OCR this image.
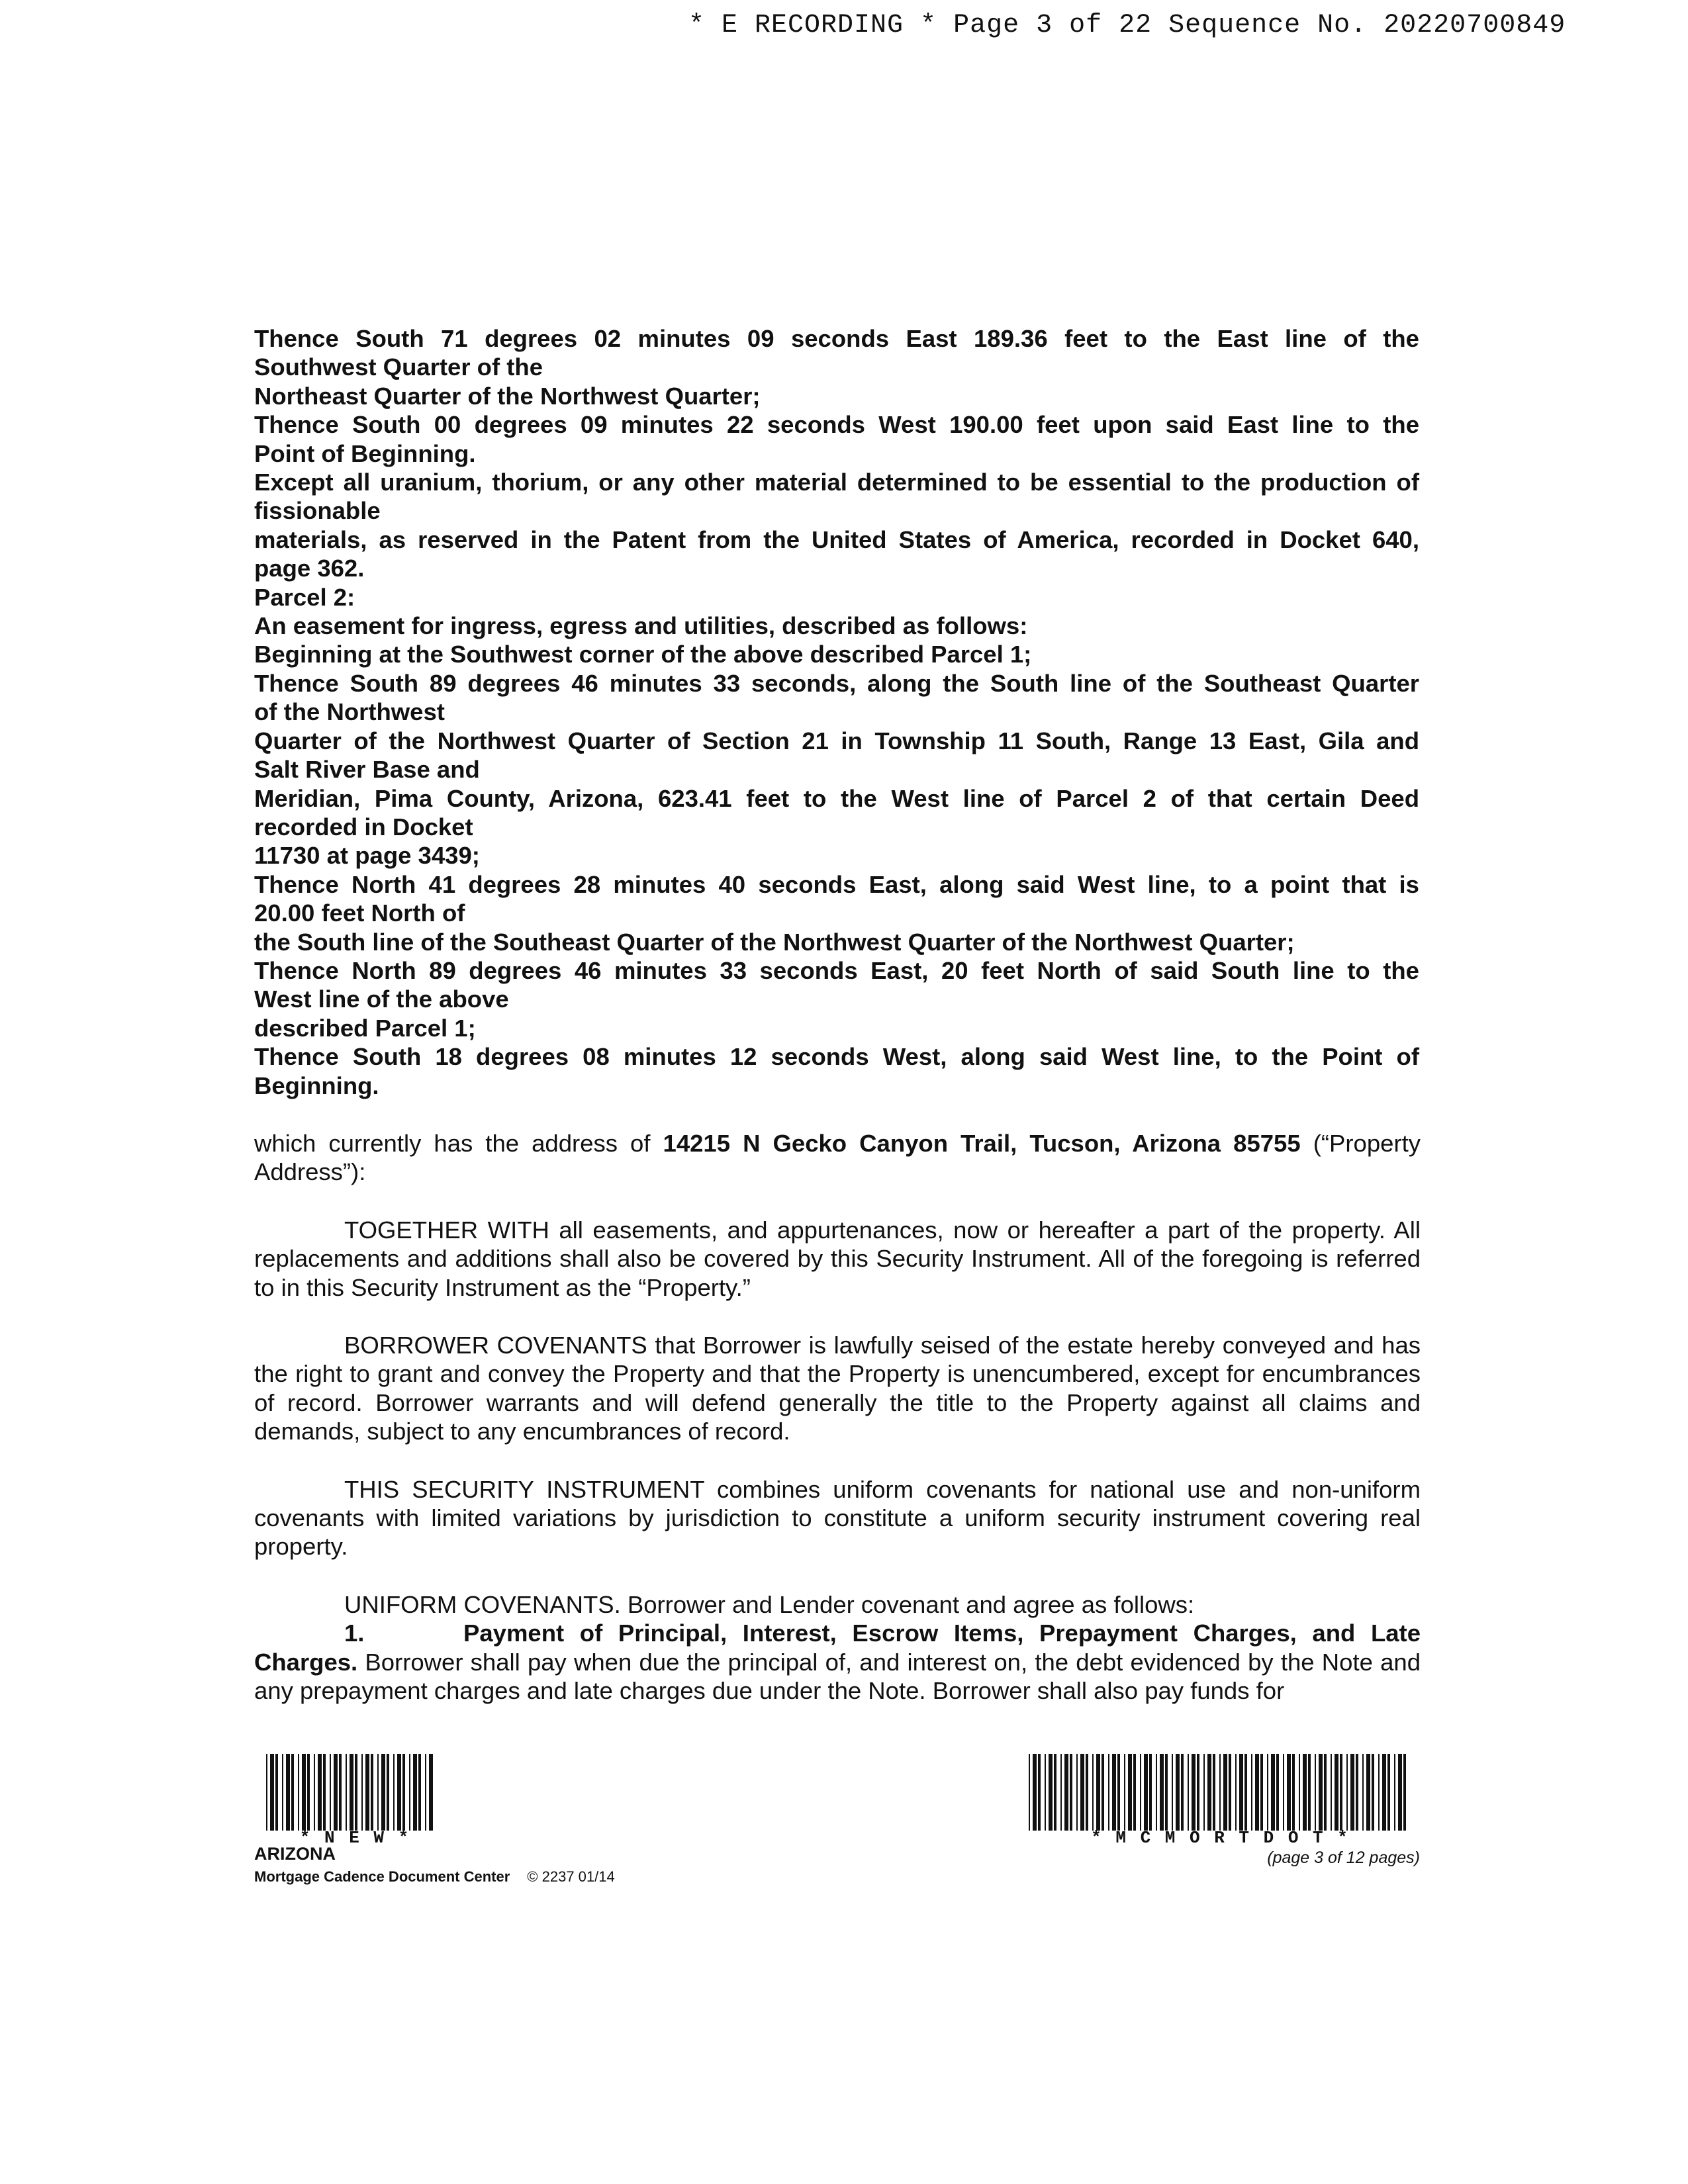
* E RECORDING * Page 3 of 22 Sequence No. 20220700849
Thence South 71 degrees 02 minutes 09 seconds East 189.36 feet to the East line of the
Southwest Quarter of the
Northeast Quarter of the Northwest Quarter;
Thence South 00 degrees 09 minutes 22 seconds West 190.00 feet upon said East line to the
Point of Beginning.
Except all uranium, thorium, or any other material determined to be essential to the production of
fissionable
materials, as reserved in the Patent from the United States of America, recorded in Docket 640,
page 362.
Parcel 2:
An easement for ingress, egress and utilities, described as follows:
Beginning at the Southwest corner of the above described Parcel 1;
Thence South 89 degrees 46 minutes 33 seconds, along the South line of the Southeast Quarter
of the Northwest
Quarter of the Northwest Quarter of Section 21 in Township 11 South, Range 13 East, Gila and
Salt River Base and
Meridian, Pima County, Arizona, 623.41 feet to the West line of Parcel 2 of that certain Deed
recorded in Docket
11730 at page 3439;
Thence North 41 degrees 28 minutes 40 seconds East, along said West line, to a point that is
20.00 feet North of
the South line of the Southeast Quarter of the Northwest Quarter of the Northwest Quarter;
Thence North 89 degrees 46 minutes 33 seconds East, 20 feet North of said South line to the
West line of the above
described Parcel 1;
Thence South 18 degrees 08 minutes 12 seconds West, along said West line, to the Point of
Beginning.

which currently has the address of 14215 N Gecko Canyon Trail, Tucson, Arizona 85755 (“Property Address”):

TOGETHER WITH all easements, and appurtenances, now or hereafter a part of the property. All replacements and additions shall also be covered by this Security Instrument. All of the foregoing is referred to in this Security Instrument as the “Property.”

BORROWER COVENANTS that Borrower is lawfully seised of the estate hereby conveyed and has the right to grant and convey the Property and that the Property is unencumbered, except for encumbrances of record. Borrower warrants and will defend generally the title to the Property against all claims and demands, subject to any encumbrances of record.

THIS SECURITY INSTRUMENT combines uniform covenants for national use and non-uniform covenants with limited variations by jurisdiction to constitute a uniform security instrument covering real property.

UNIFORM COVENANTS. Borrower and Lender covenant and agree as follows:

1.	Payment of Principal, Interest, Escrow Items, Prepayment Charges, and Late
Charges. Borrower shall pay when due the principal of, and interest on, the debt evidenced by the Note and any prepayment charges and late charges due under the Note. Borrower shall also pay funds for

* N E W *
ARIZONA
Mortgage Cadence Document Center © 2237 01/14
* M C M O R T D O T *
(page 3 of 12 pages)
